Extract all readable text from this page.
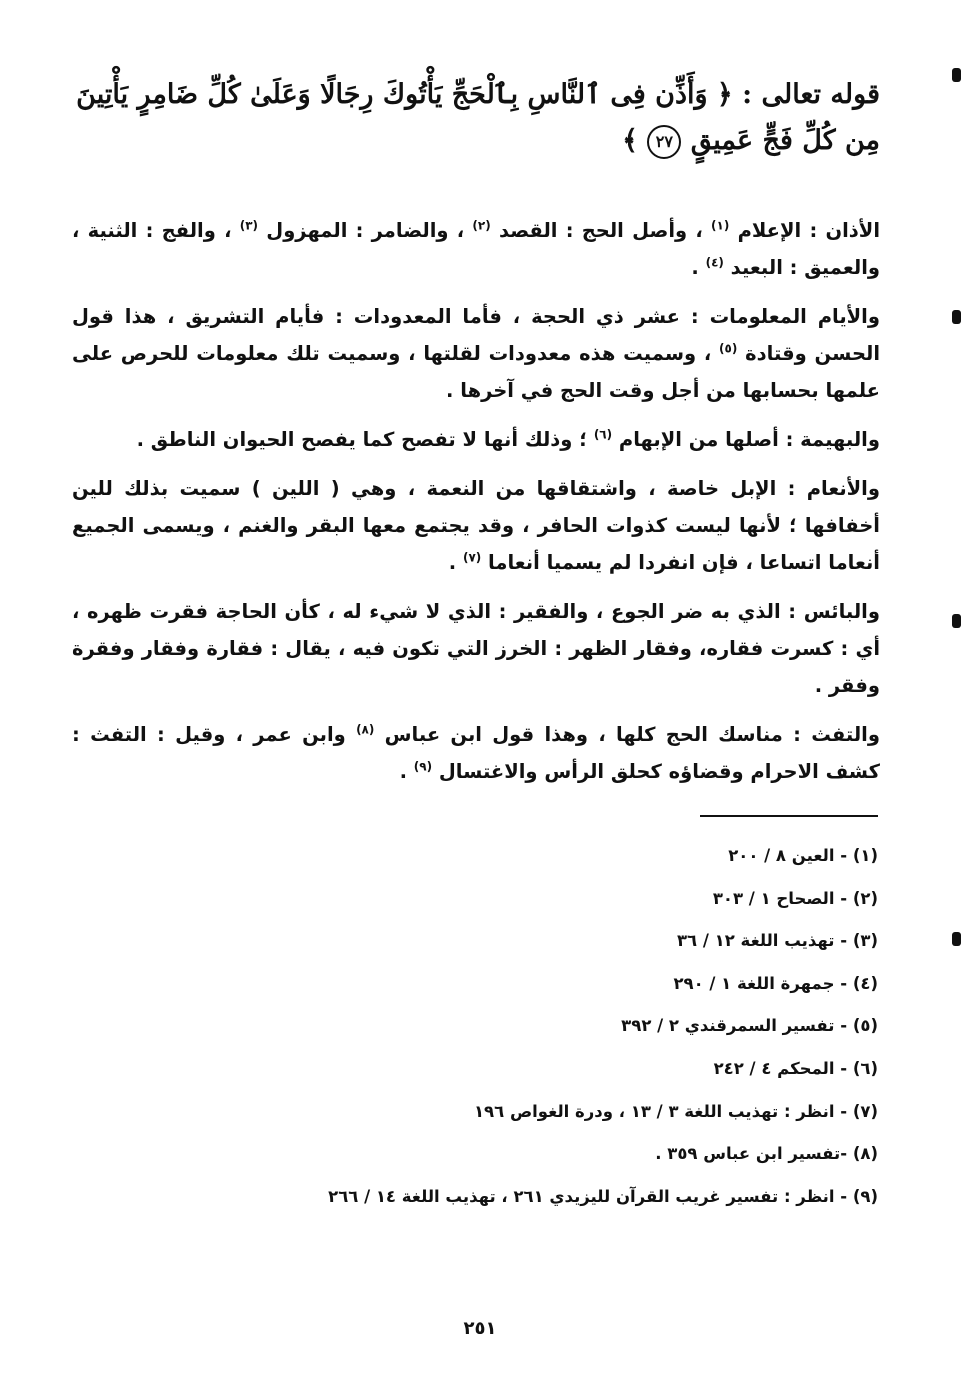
قوله تعالى : ﴿ وَأَذِّن فِى ٱلنَّاسِ بِٱلْحَجِّ يَأْتُوكَ رِجَالًا وَعَلَىٰ كُلِّ ضَامِرٍ يَأْتِينَ مِن كُلِّ فَجٍّ عَمِيقٍ ٢٧ ﴾

الأذان : الإعلام $^{(١)}$ ، وأصل الحج : القصد $^{(٢)}$ ، والضامر : المهزول $^{(٣)}$ ، والفج : الثنية ، والعميق : البعيد $^{(٤)}$ .

والأيام المعلومات : عشر ذي الحجة ، فأما المعدودات : فأيام التشريق ، هذا قول الحسن وقتادة $^{(٥)}$ ، وسميت هذه معدودات لقلتها ، وسميت تلك معلومات للحرص على علمها بحسابها من أجل وقت الحج في آخرها .

والبهيمة : أصلها من الإبهام $^{(٦)}$ ؛ وذلك أنها لا تفصح كما يفصح الحيوان الناطق .

والأنعام : الإبل خاصة ، واشتقاقها من النعمة ، وهي ( اللين ) سميت بذلك للين أخفافها ؛ لأنها ليست كذوات الحافر ، وقد يجتمع معها البقر والغنم ، ويسمى الجميع أنعاما اتساعا ، فإن انفردا لم يسميا أنعاما $^{(٧)}$ .

والبائس : الذي به ضر الجوع ، والفقير : الذي لا شيء له ، كأن الحاجة فقرت ظهره ، أي : كسرت فقاره، وفقار الظهر : الخرز التي تكون فيه ، يقال : فقارة وفقار وفقرة وفقر .

والتفث : مناسك الحج كلها ، وهذا قول ابن عباس $^{(٨)}$ وابن عمر ، وقيل : التفث : كشف الاحرام وقضاؤه كحلق الرأس والاغتسال $^{(٩)}$ .

(١) - العين ٨ / ٢٠٠
(٢) - الصحاح ١ / ٣٠٣
(٣) - تهذيب اللغة ١٢ / ٣٦
(٤) - جمهرة اللغة ١ / ٢٩٠
(٥) - تفسير السمرقندي ٢ / ٣٩٢
(٦) - المحكم ٤ / ٢٤٢
(٧) - انظر : تهذيب اللغة ٣ / ١٣ ، ودرة الغواص ١٩٦
(٨) -تفسير ابن عباس ٣٥٩ .
(٩) - انظر : تفسير غريب القرآن لليزيدي ٢٦١ ، تهذيب اللغة ١٤ / ٢٦٦
٢٥١
